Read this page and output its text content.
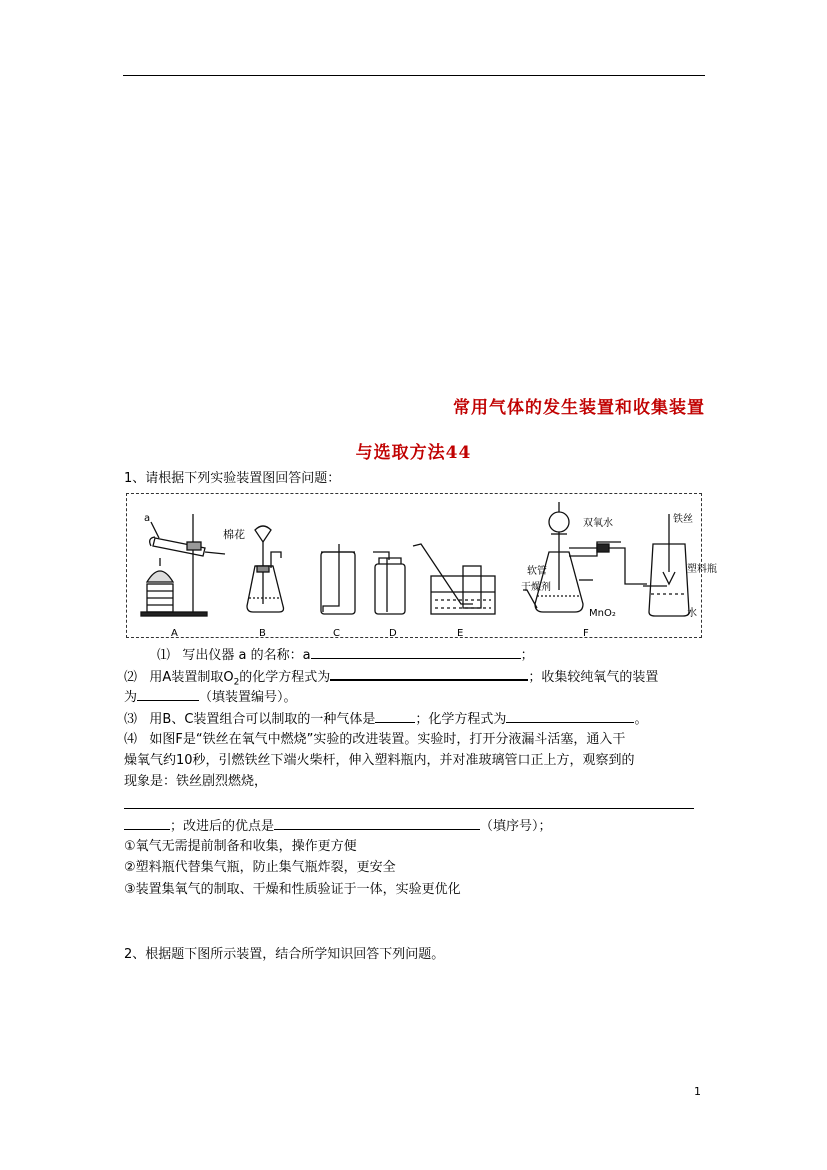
常用气体的发生装置和收集装置
与选取方法44
1、请根据下列实验装置图回答问题：
a
棉花
A	B	C	D	E
双氧水
软管
干燥剂
MnO₂
铁丝
塑料瓶
水
F
⑴ 写出仪器 a 的名称：a	；
⑵ 用A装置制取$O_2$的化学方程式为	；收集较纯氧气的装置
为	（填装置编号）。
⑶ 用B、C装置组合可以制取的一种气体是	；化学方程式为	。
⑷ 如图F是“铁丝在氧气中燃烧”实验的改进装置。实验时，打开分液漏斗活塞，通入干
燥氧气约10秒，引燃铁丝下端火柴杆，伸入塑料瓶内，并对准玻璃管口正上方，观察到的
现象是：铁丝剧烈燃烧，
；改进后的优点是	（填序号）；
①氧气无需提前制备和收集，操作更方便
②塑料瓶代替集气瓶，防止集气瓶炸裂，更安全
③装置集氧气的制取、干燥和性质验证于一体，实验更优化
2、根据题下图所示装置，结合所学知识回答下列问题。
1
